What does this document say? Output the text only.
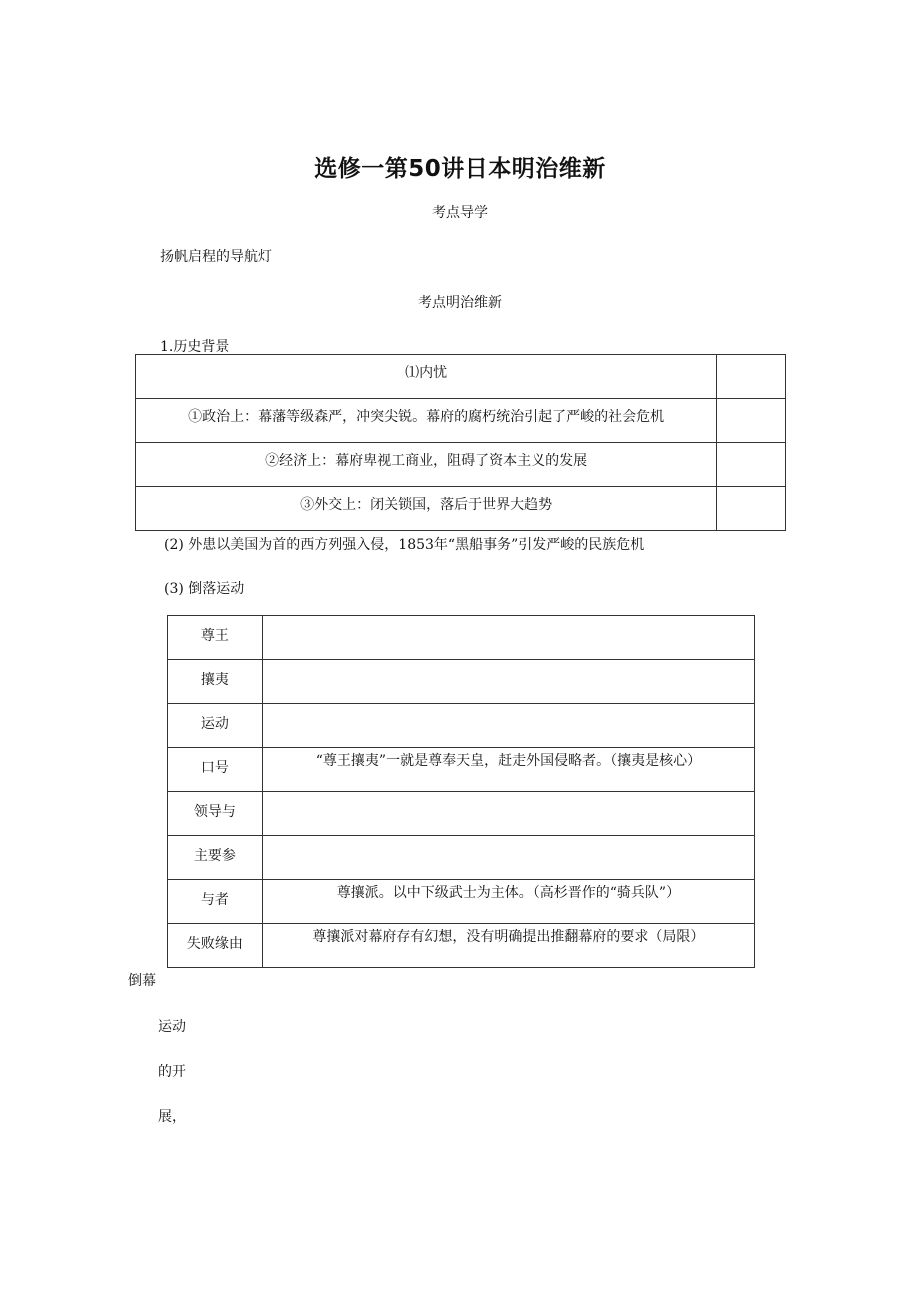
选修一第50讲日本明治维新
考点导学
扬帆启程的导航灯
考点明治维新
1.历史背景
⑴内忧	
①政治上：幕藩等级森严，冲突尖锐。幕府的腐朽统治引起了严峻的社会危机	
②经济上：幕府卑视工商业，阻碍了资本主义的发展	
③外交上：闭关锁国，落后于世界大趋势	
(2) 外患以美国为首的西方列强入侵，1853年“黑船事务”引发严峻的民族危机
(3) 倒落运动
尊王	
攘夷	
运动	
口号	“尊王攘夷”一就是尊奉天皇，赶走外国侵略者。（攘夷是核心）
领导与	
主要参	
与者	尊攘派。以中下级武士为主体。（高杉晋作的“骑兵队”）
失败缘由	尊攘派对幕府存有幻想，没有明确提出推翻幕府的要求（局限）
倒幕
运动
的开
展，
